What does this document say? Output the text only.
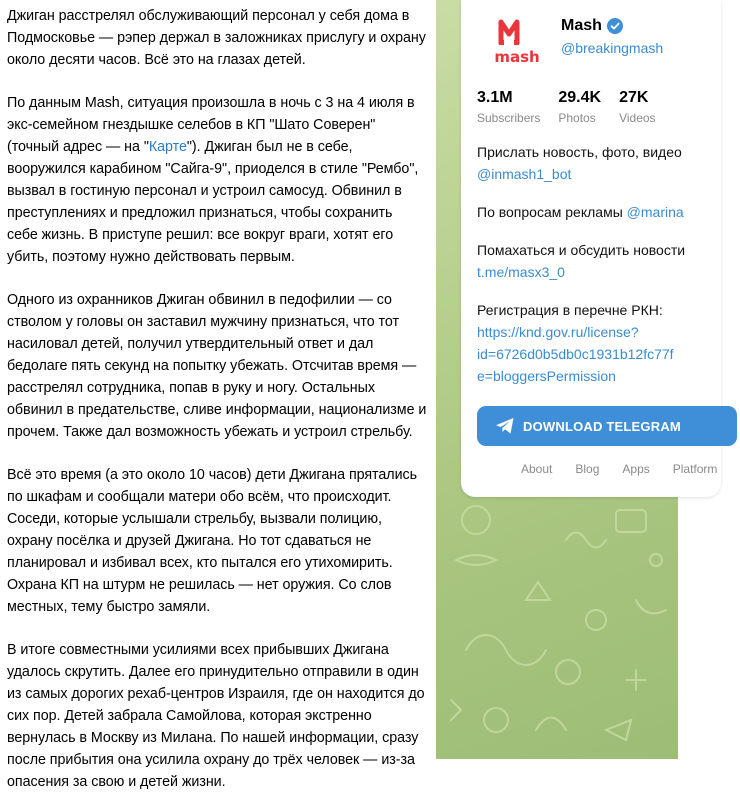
Джиган расстрелял обслуживающий персонал у себя дома в
Подмосковье — рэпер держал в заложниках прислугу и охрану
около десяти часов. Всё это на глазах детей.

По данным Mash, ситуация произошла в ночь с 3 на 4 июля в
экс-семейном гнездышке селебов в КП "Шато Соверен"
(точный адрес — на "Карте"). Джиган был не в себе,
вооружился карабином "Сайга-9", приоделся в стиле "Рембо",
вызвал в гостиную персонал и устроил самосуд. Обвинил в
преступлениях и предложил признаться, чтобы сохранить
себе жизнь. В приступе решил: все вокруг враги, хотят его
убить, поэтому нужно действовать первым.

Одного из охранников Джиган обвинил в педофилии — со
стволом у головы он заставил мужчину признаться, что тот
насиловал детей, получил утвердительный ответ и дал
бедолаге пять секунд на попытку убежать. Отсчитав время —
расстрелял сотрудника, попав в руку и ногу. Остальных
обвинил в предательстве, сливе информации, национализме и
прочем. Также дал возможность убежать и устроил стрельбу.

Всё это время (а это около 10 часов) дети Джигана прятались
по шкафам и сообщали матери обо всём, что происходит.
Соседи, которые услышали стрельбу, вызвали полицию,
охрану посёлка и друзей Джигана. Но тот сдаваться не
планировал и избивал всех, кто пытался его утихомирить.
Охрана КП на штурм не решилась — нет оружия. Со слов
местных, тему быстро замяли.

В итоге совместными усилиями всех прибывших Джигана
удалось скрутить. Далее его принудительно отправили в один
из самых дорогих рехаб-центров Израиля, где он находится до
сих пор. Детей забрала Самойлова, которая экстренно
вернулась в Москву из Милана. По нашей информации, сразу
после прибытия она усилила охрану до трёх человек — из-за
опасения за свою и детей жизни.

mash
Mash
@breakingmash
3.1M
Subscribers
29.4K
Photos
27K
Videos
Прислать новость, фото, видео
@inmash1_bot
По вопросам рекламы @marina
Помахаться и обсудить новости
t.me/masx3_0
Регистрация в перечне РКН:
https://knd.gov.ru/license?
id=6726d0b5db0c1931b12fc77f
e=bloggersPermission
DOWNLOAD TELEGRAM
About Blog Apps Platform
